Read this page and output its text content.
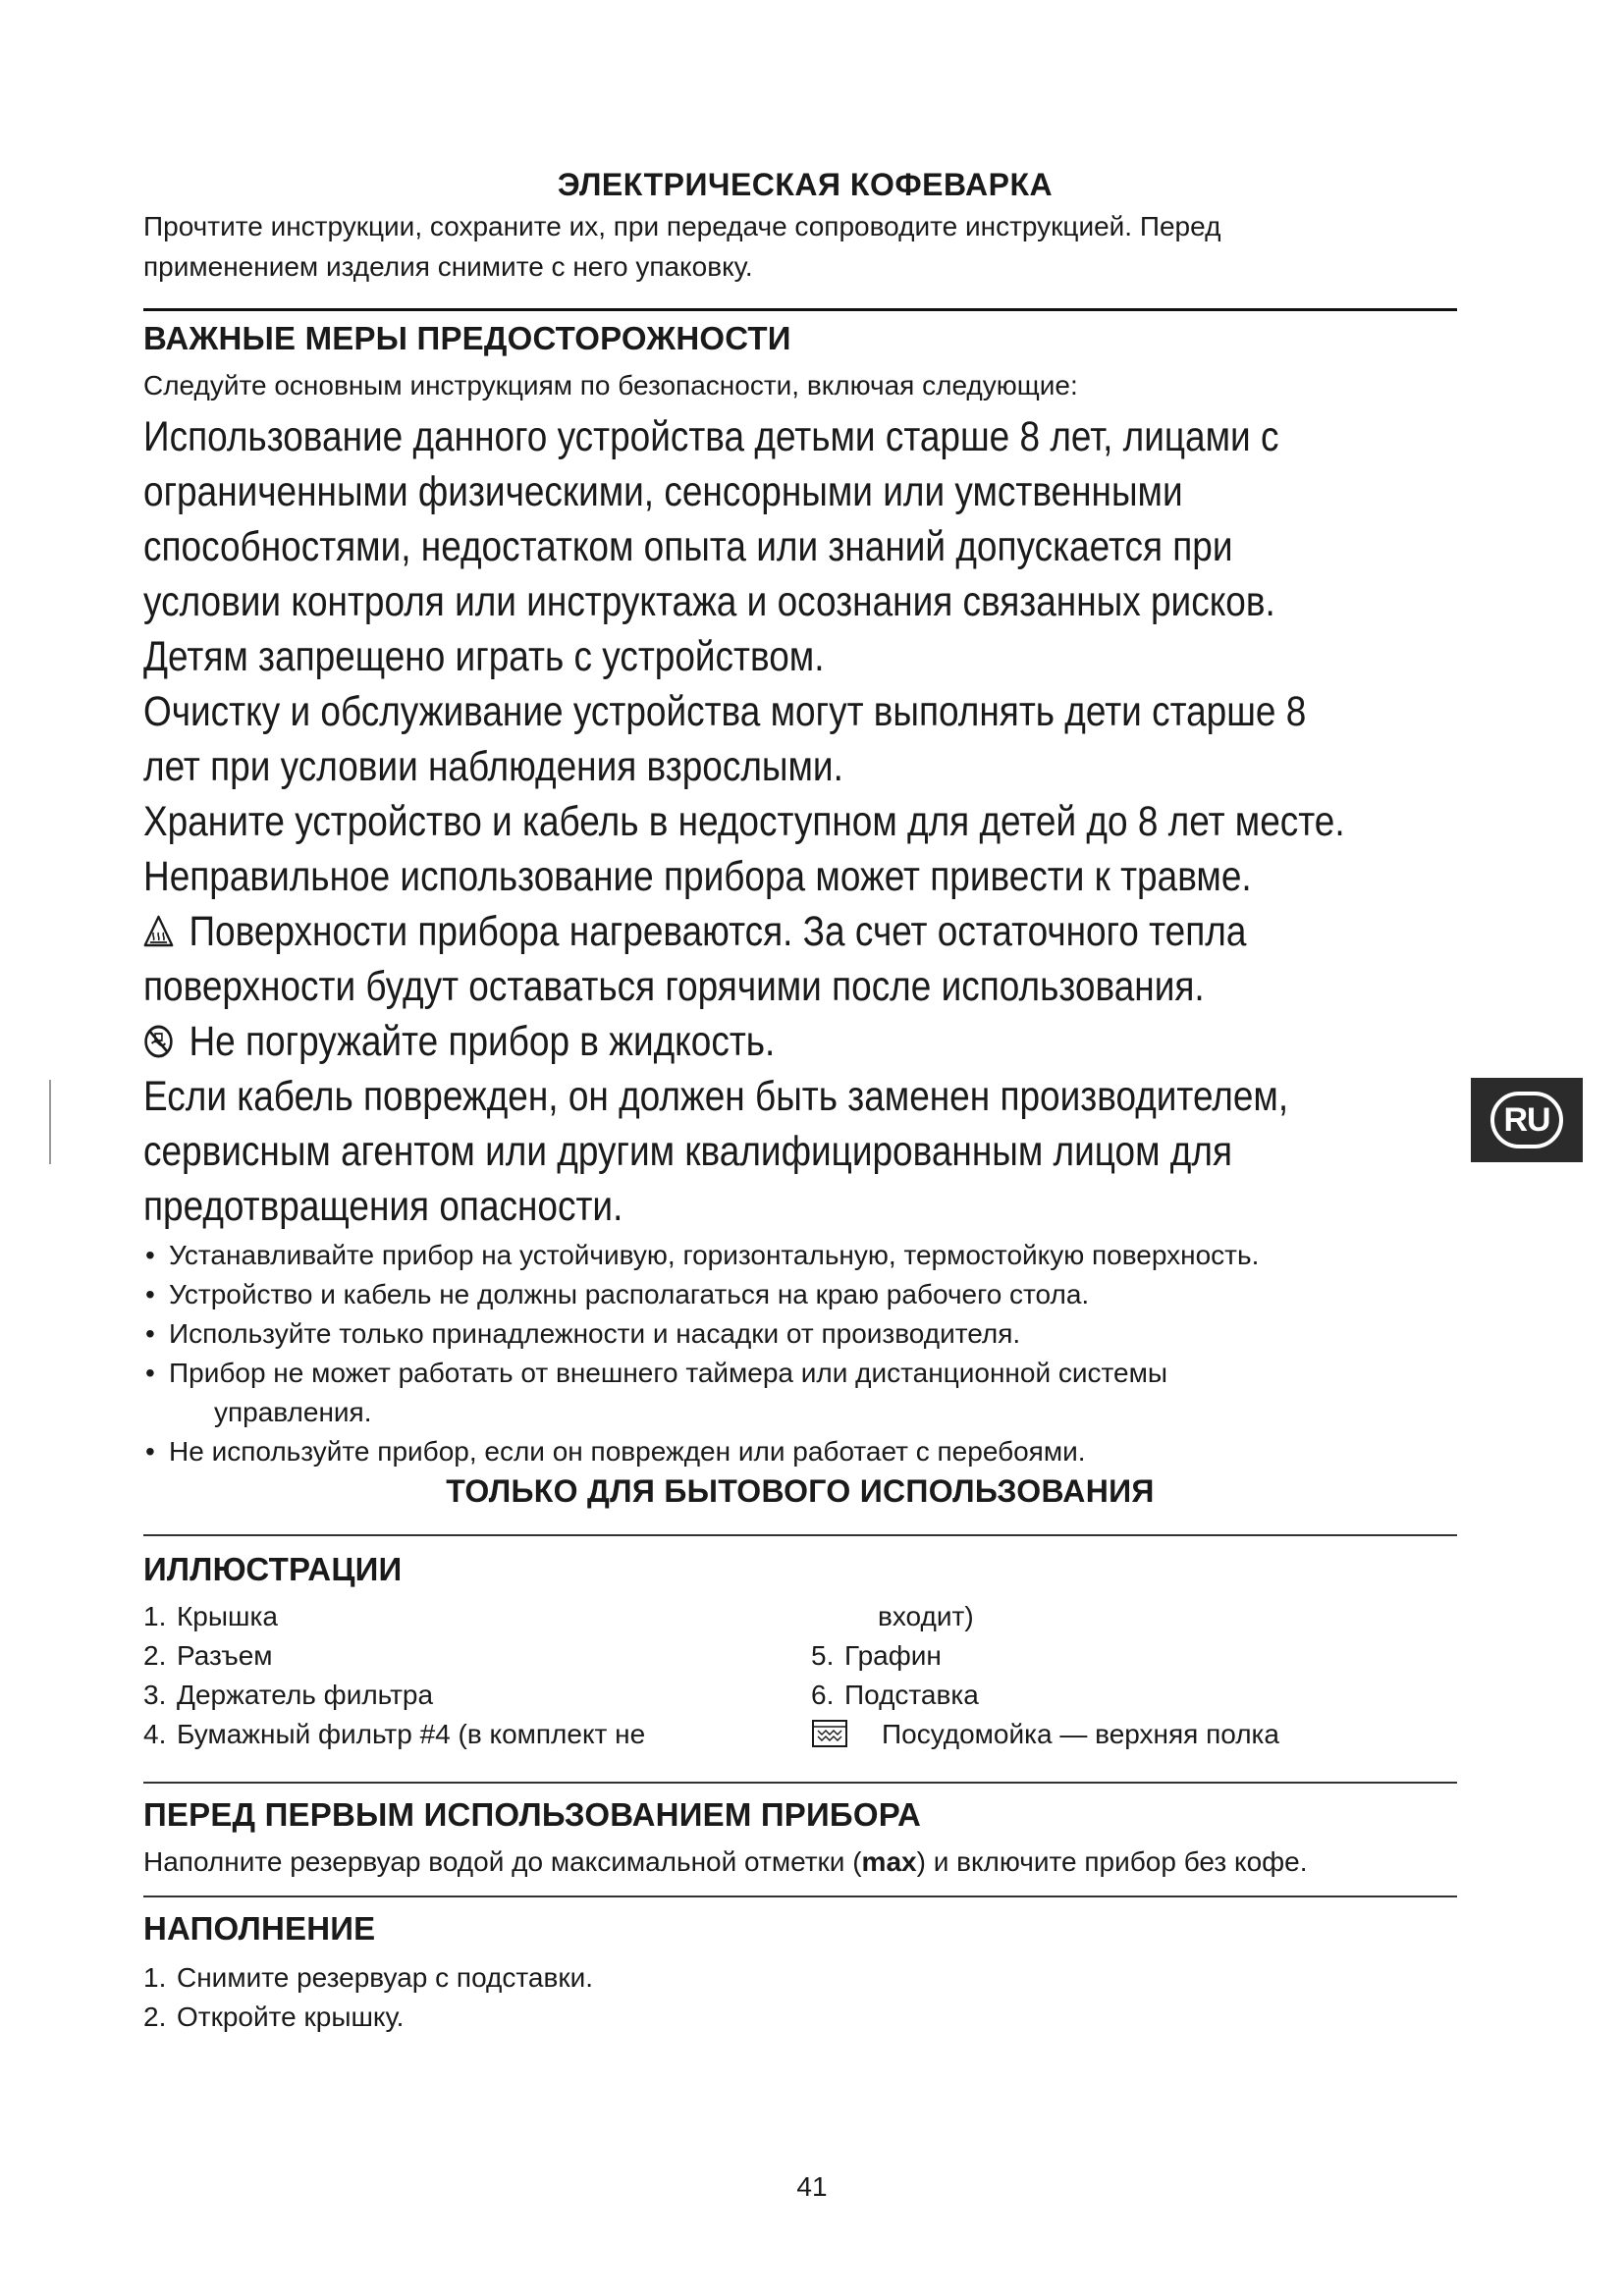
RU
ЭЛЕКТРИЧЕСКАЯ КОФЕВАРКА
Прочтите инструкции, сохраните их, при передаче сопроводите инструкцией. Перед
применением изделия снимите с него упаковку.
ВАЖНЫЕ МЕРЫ ПРЕДОСТОРОЖНОСТИ

Следуйте основным инструкциям по безопасности, включая следующие:

Использование данного устройства детьми старше 8 лет, лицами с
ограниченными физическими, сенсорными или умственными
способностями, недостатком опыта или знаний допускается при
условии контроля или инструктажа и осознания связанных рисков.
Детям запрещено играть с устройством.
Очистку и обслуживание устройства могут выполнять дети старше 8
лет при условии наблюдения взрослыми.
Храните устройство и кабель в недоступном для детей до 8 лет месте.
Неправильное использование прибора может привести к травме.
Поверхности прибора нагреваются. За счет остаточного тепла
поверхности будут оставаться горячими после использования.
Не погружайте прибор в жидкость.
Если кабель поврежден, он должен быть заменен производителем,
сервисным агентом или другим квалифицированным лицом для
предотвращения опасности.
• Устанавливайте прибор на устойчивую, горизонтальную, термостойкую поверхность.
• Устройство и кабель не должны располагаться на краю рабочего стола.
• Используйте только принадлежности и насадки от производителя.
• Прибор не может работать от внешнего таймера или дистанционной системы
управления.
• Не используйте прибор, если он поврежден или работает с перебоями.

ТОЛЬКО ДЛЯ БЫТОВОГО ИСПОЛЬЗОВАНИЯ

ИЛЛЮСТРАЦИИ
1. Крышка
2. Разъем
3. Держатель фильтра
4. Бумажный фильтр #4 (в комплект не
входит)
5. Графин
6. Подставка
Посудомойка — верхняя полка
ПЕРЕД ПЕРВЫМ ИСПОЛЬЗОВАНИЕМ ПРИБОРА

Наполните резервуар водой до максимальной отметки (max) и включите прибор без кофе.

НАПОЛНЕНИЕ
1. Снимите резервуар с подставки.
2. Откройте крышку.
41
